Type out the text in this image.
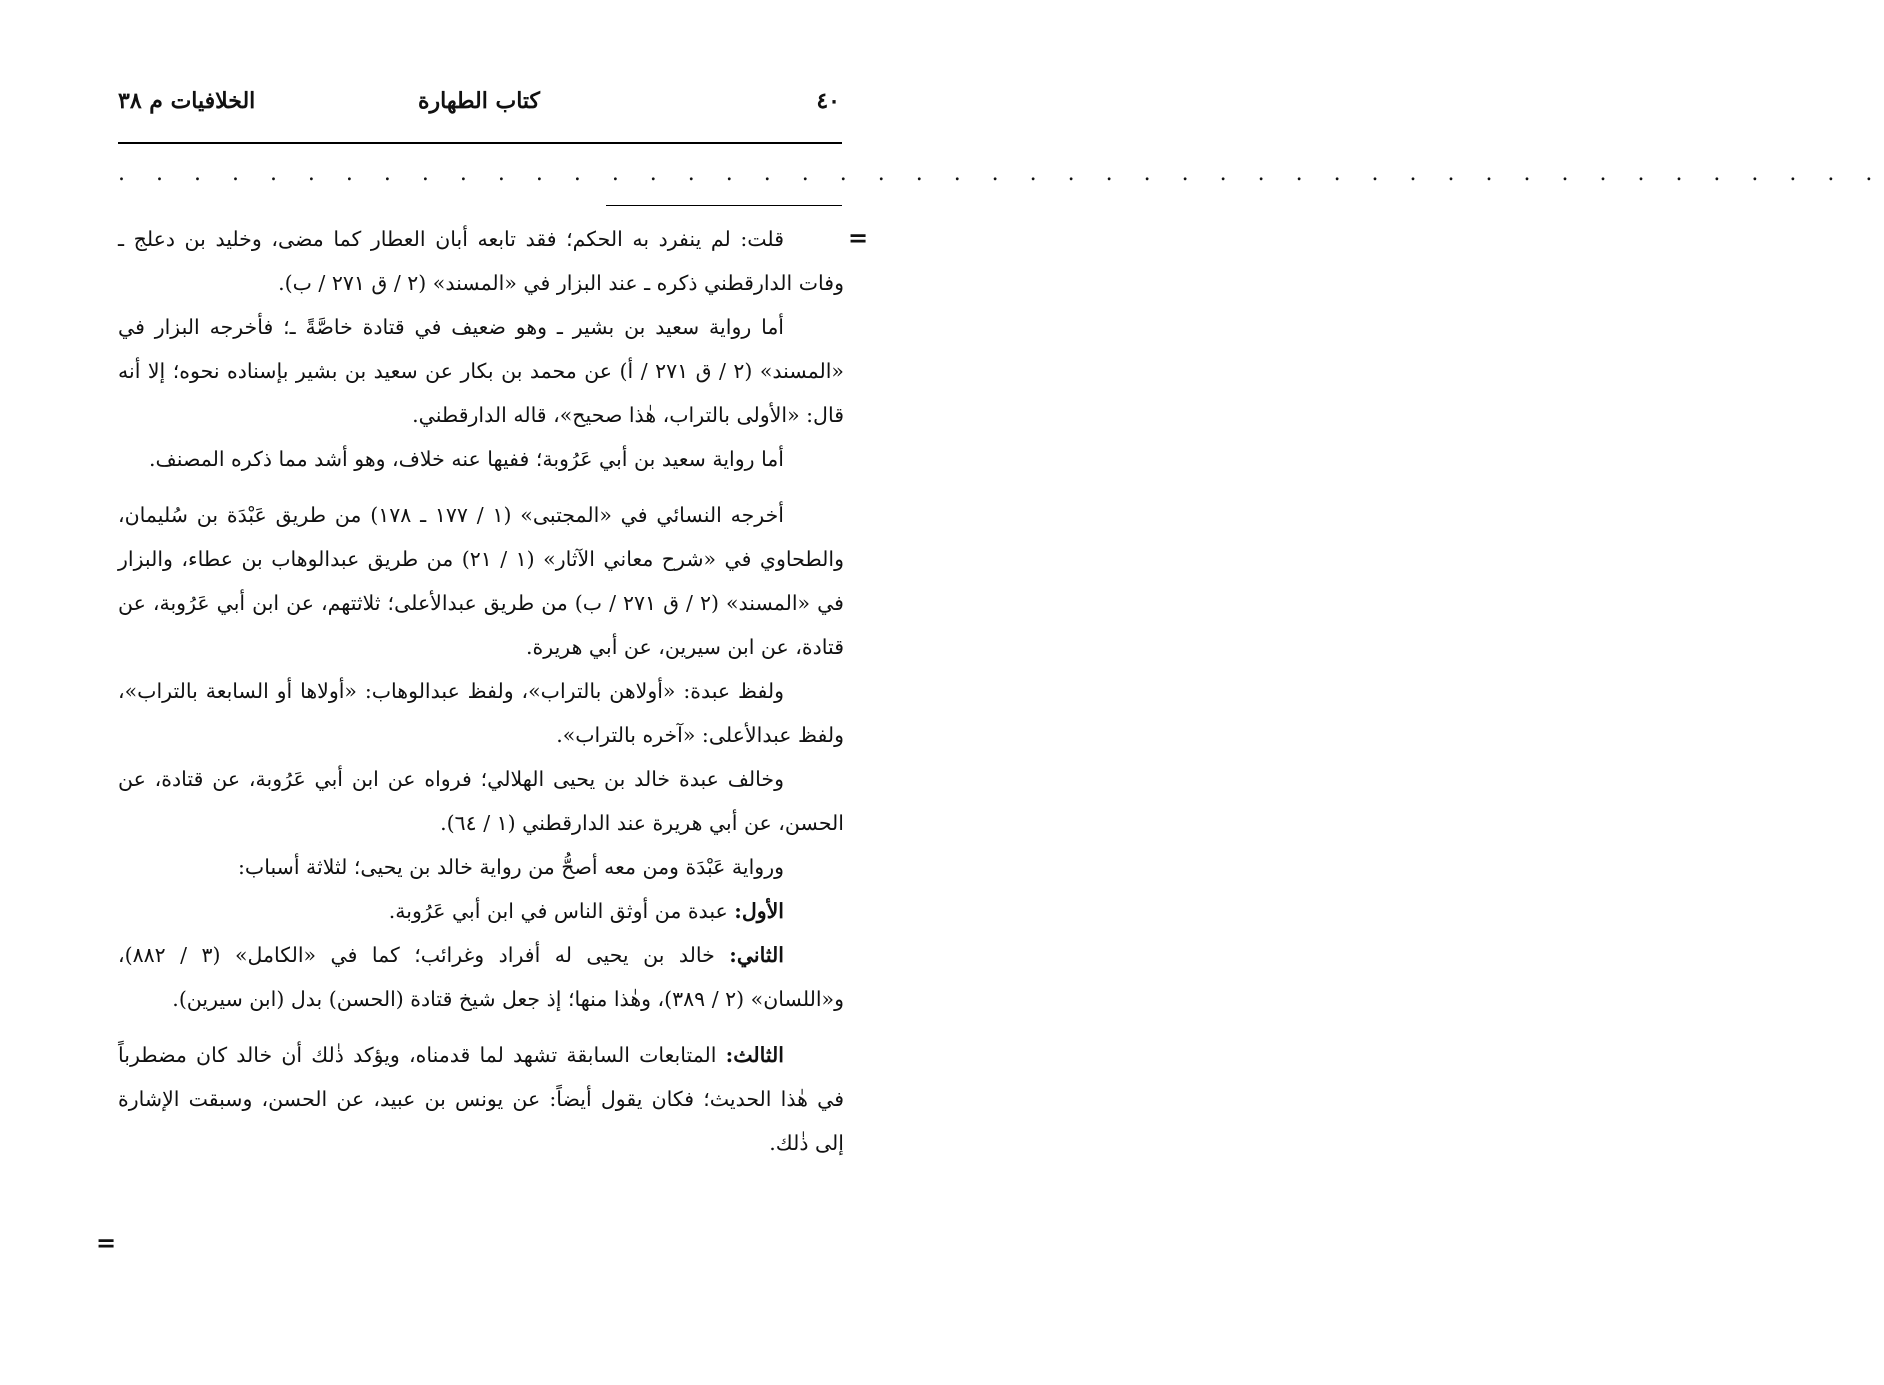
٤٠
كتاب الطهارة
الخلافيات م ٣٨
. . . . . . . . . . . . . . . . . . . . . . . . . . . . . . . . . . . . . . . . . . . . . . .
=

قلت: لم ينفرد به الحكم؛ فقد تابعه أبان العطار كما مضى، وخليد بن دعلج ـ وفات الدارقطني ذكره ـ عند البزار في «المسند» (٢ / ق ٢٧١ / ب).

أما رواية سعيد بن بشير ـ وهو ضعيف في قتادة خاصَّةً ـ؛ فأخرجه البزار في «المسند» (٢ / ق ٢٧١ / أ) عن محمد بن بكار عن سعيد بن بشير بإسناده نحوه؛ إلا أنه قال: «الأولى بالتراب، هٰذا صحيح»، قاله الدارقطني.

أما رواية سعيد بن أبي عَرُوبة؛ ففيها عنه خلاف، وهو أشد مما ذكره المصنف.

أخرجه النسائي في «المجتبى» (١ / ١٧٧ ـ ١٧٨) من طريق عَبْدَة بن سُليمان، والطحاوي في «شرح معاني الآثار» (١ / ٢١) من طريق عبدالوهاب بن عطاء، والبزار في «المسند» (٢ / ق ٢٧١ / ب) من طريق عبدالأعلى؛ ثلاثتهم، عن ابن أبي عَرُوبة، عن قتادة، عن ابن سيرين، عن أبي هريرة.

ولفظ عبدة: «أولاهن بالتراب»، ولفظ عبدالوهاب: «أولاها أو السابعة بالتراب»، ولفظ عبدالأعلى: «آخره بالتراب».

وخالف عبدة خالد بن يحيى الهلالي؛ فرواه عن ابن أبي عَرُوبة، عن قتادة، عن الحسن، عن أبي هريرة عند الدارقطني (١ / ٦٤).

ورواية عَبْدَة ومن معه أصحُّ من رواية خالد بن يحيى؛ لثلاثة أسباب:

الأول: عبدة من أوثق الناس في ابن أبي عَرُوبة.

الثاني: خالد بن يحيى له أفراد وغرائب؛ كما في «الكامل» (٣ / ٨٨٢)، و«اللسان» (٢ / ٣٨٩)، وهٰذا منها؛ إذ جعل شيخ قتادة (الحسن) بدل (ابن سيرين).

الثالث: المتابعات السابقة تشهد لما قدمناه، ويؤكد ذٰلك أن خالد كان مضطرباً في هٰذا الحديث؛ فكان يقول أيضاً: عن يونس بن عبيد، عن الحسن، وسبقت الإشارة إلى ذٰلك.

=
